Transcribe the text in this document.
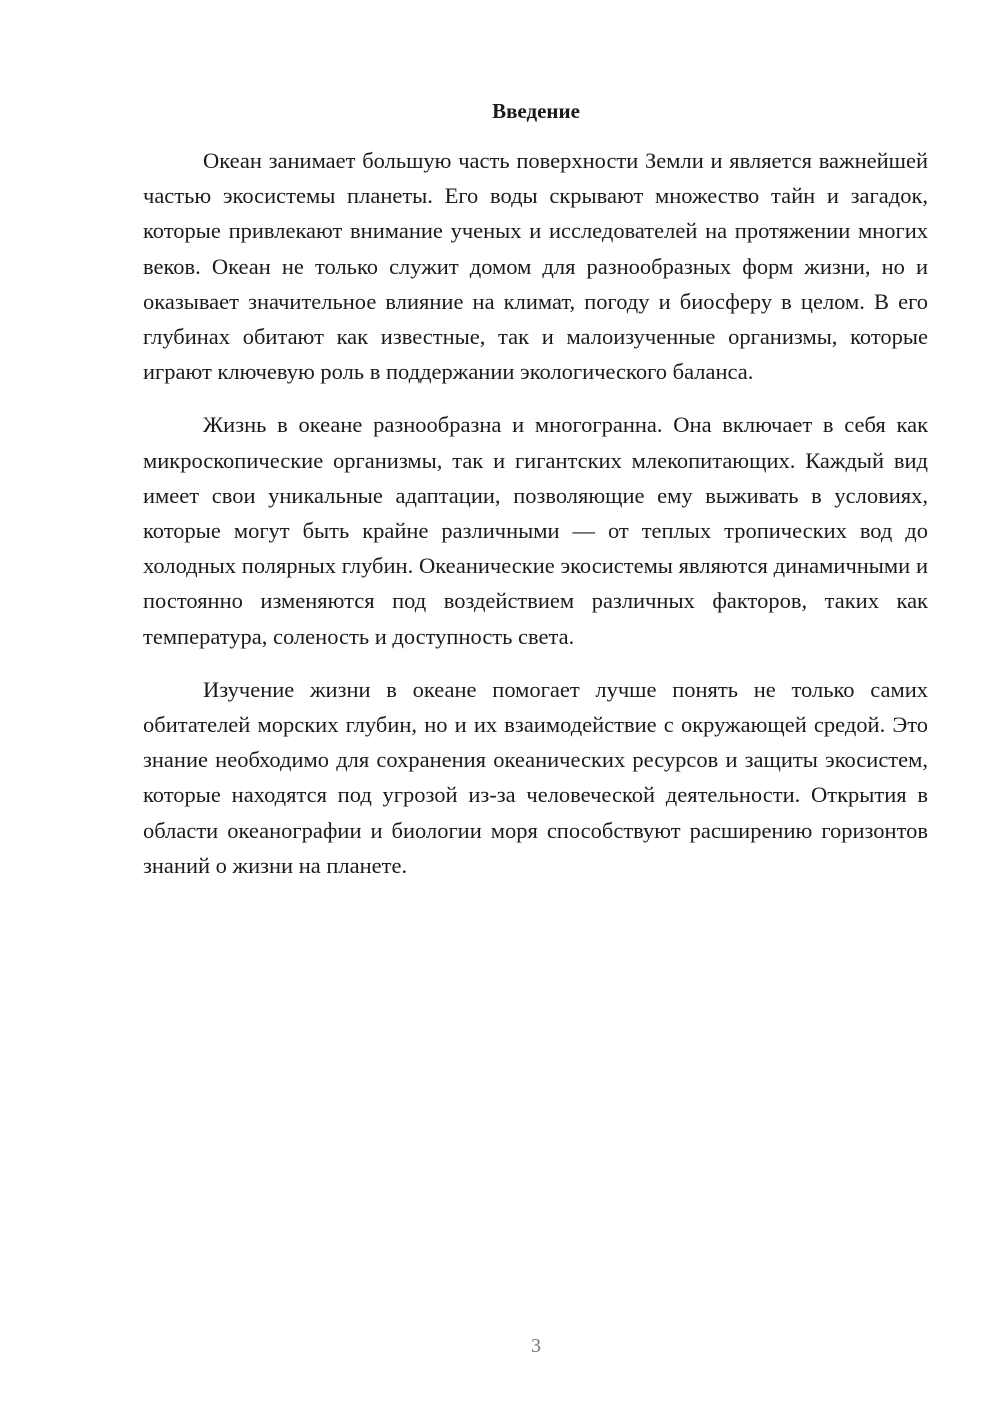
Введение

Океан занимает большую часть поверхности Земли и является важнейшей частью экосистемы планеты. Его воды скрывают множество тайн и загадок, которые привлекают внимание ученых и исследователей на протяжении многих веков. Океан не только служит домом для разнообразных форм жизни, но и оказывает значительное влияние на климат, погоду и биосферу в целом. В его глубинах обитают как известные, так и малоизученные организмы, которые играют ключевую роль в поддержании экологического баланса.

Жизнь в океане разнообразна и многогранна. Она включает в себя как микроскопические организмы, так и гигантских млекопитающих. Каждый вид имеет свои уникальные адаптации, позволяющие ему выживать в условиях, которые могут быть крайне различными — от теплых тропических вод до холодных полярных глубин. Океанические экосистемы являются динамичными и постоянно изменяются под воздействием различных факторов, таких как температура, соленость и доступность света.

Изучение жизни в океане помогает лучше понять не только самих обитателей морских глубин, но и их взаимодействие с окружающей средой. Это знание необходимо для сохранения океанических ресурсов и защиты экосистем, которые находятся под угрозой из-за человеческой деятельности. Открытия в области океанографии и биологии моря способствуют расширению горизонтов знаний о жизни на планете.

3
